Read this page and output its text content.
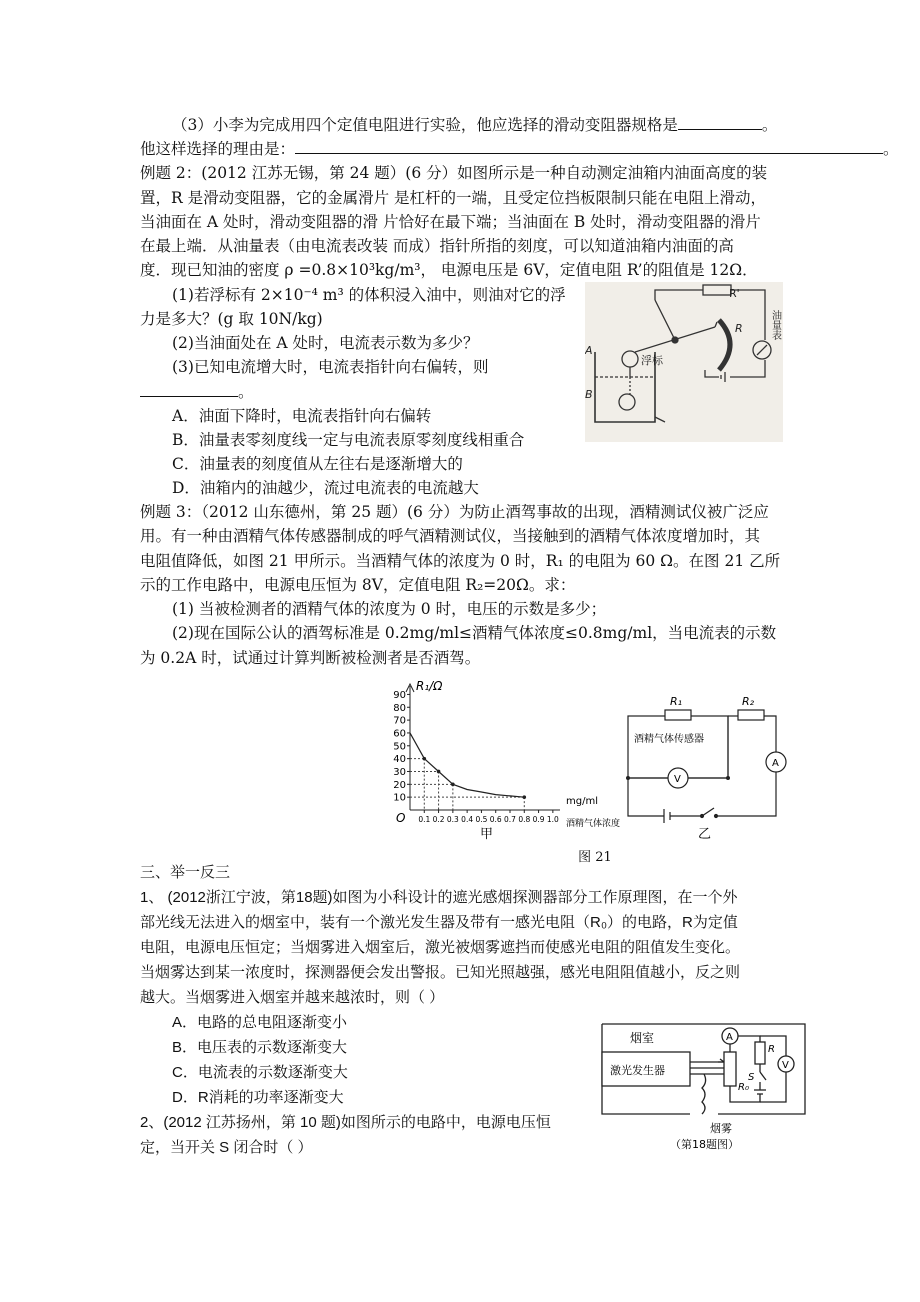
（3）小李为完成用四个定值电阻进行实验，他应选择的滑动变阻器规格是	。
他这样选择的理由是：	。
例题 2：(2012 江苏无锡，第 24 题）(6 分）如图所示是一种自动测定油箱内油面高度的装
置，R 是滑动变阻器，它的金属滑片 是杠杆的一端，且受定位挡板限制只能在电阻上滑动，
当油面在 A 处时，滑动变阻器的滑 片恰好在最下端；当油面在 B 处时，滑动变阻器的滑片
在最上端．从油量表（由电流表改装 而成）指针所指的刻度，可以知道油箱内油面的高
度．现已知油的密度 ρ =0.8×10³kg/m³， 电源电压是 6V，定值电阻 R’的阻值是 12Ω．
(1)若浮标有 2×10⁻⁴ m³ 的体积浸入油中，则油对它的浮
力是多大？(g 取 10N/kg)
(2)当油面处在 A 处时，电流表示数为多少？
(3)已知电流增大时，电流表指针向右偏转，则
。
A．油面下降时，电流表指针向右偏转
B．油量表零刻度线一定与电流表原零刻度线相重合
C．油量表的刻度值从左往右是逐渐增大的
D．油箱内的油越少，流过电流表的电流越大
R'
R
A
B
浮标
油量表
例题 3：（2012 山东德州，第 25 题）(6 分）为防止酒驾事故的出现，酒精测试仪被广泛应
用。有一种由酒精气体传感器制成的呼气酒精测试仪，当接触到的酒精气体浓度增加时，其
电阻值降低，如图 21 甲所示。当酒精气体的浓度为 0 时，R₁ 的电阻为 60 Ω。在图 21 乙所
示的工作电路中，电源电压恒为 8V，定值电阻 R₂=20Ω。求：
(1) 当被检测者的酒精气体的浓度为 0 时，电压的示数是多少；
(2)现在国际公认的酒驾标准是 0.2mg/ml≤酒精气体浓度≤0.8mg/ml，当电流表的示数
为 0.2A 时，试通过计算判断被检测者是否酒驾。
10
20
30
40
50
60
70
80
90
0.1 0.2 0.3 0.4 0.5 0.6 0.7 0.8 0.9 1.0
R₁/Ω
mg/ml
酒精气体浓度
O
甲
R₁	R₂
酒精气体传感器
V
A
乙
图 21
三、举一反三
1、 (2012浙江宁波，第18题)如图为小科设计的遮光感烟探测器部分工作原理图，在一个外
部光线无法进入的烟室中，装有一个激光发生器及带有一感光电阻（R₀）的电路，R为定值
电阻，电源电压恒定；当烟雾进入烟室后，激光被烟雾遮挡而使感光电阻的阻值发生变化。
当烟雾达到某一浓度时，探测器便会发出警报。已知光照越强，感光电阻阻值越小，反之则
越大。当烟雾进入烟室并越来越浓时，则（ ）
A．电路的总电阻逐渐变小
B．电压表的示数逐渐变大
C．电流表的示数逐渐变大
D．R消耗的功率逐渐变大
2、(2012 江苏扬州，第 10 题)如图所示的电路中，电源电压恒
定，当开关 S 闭合时（ ）
烟室
激光发生器
A
R
S
R₀
V
烟雾
（第18题图）
